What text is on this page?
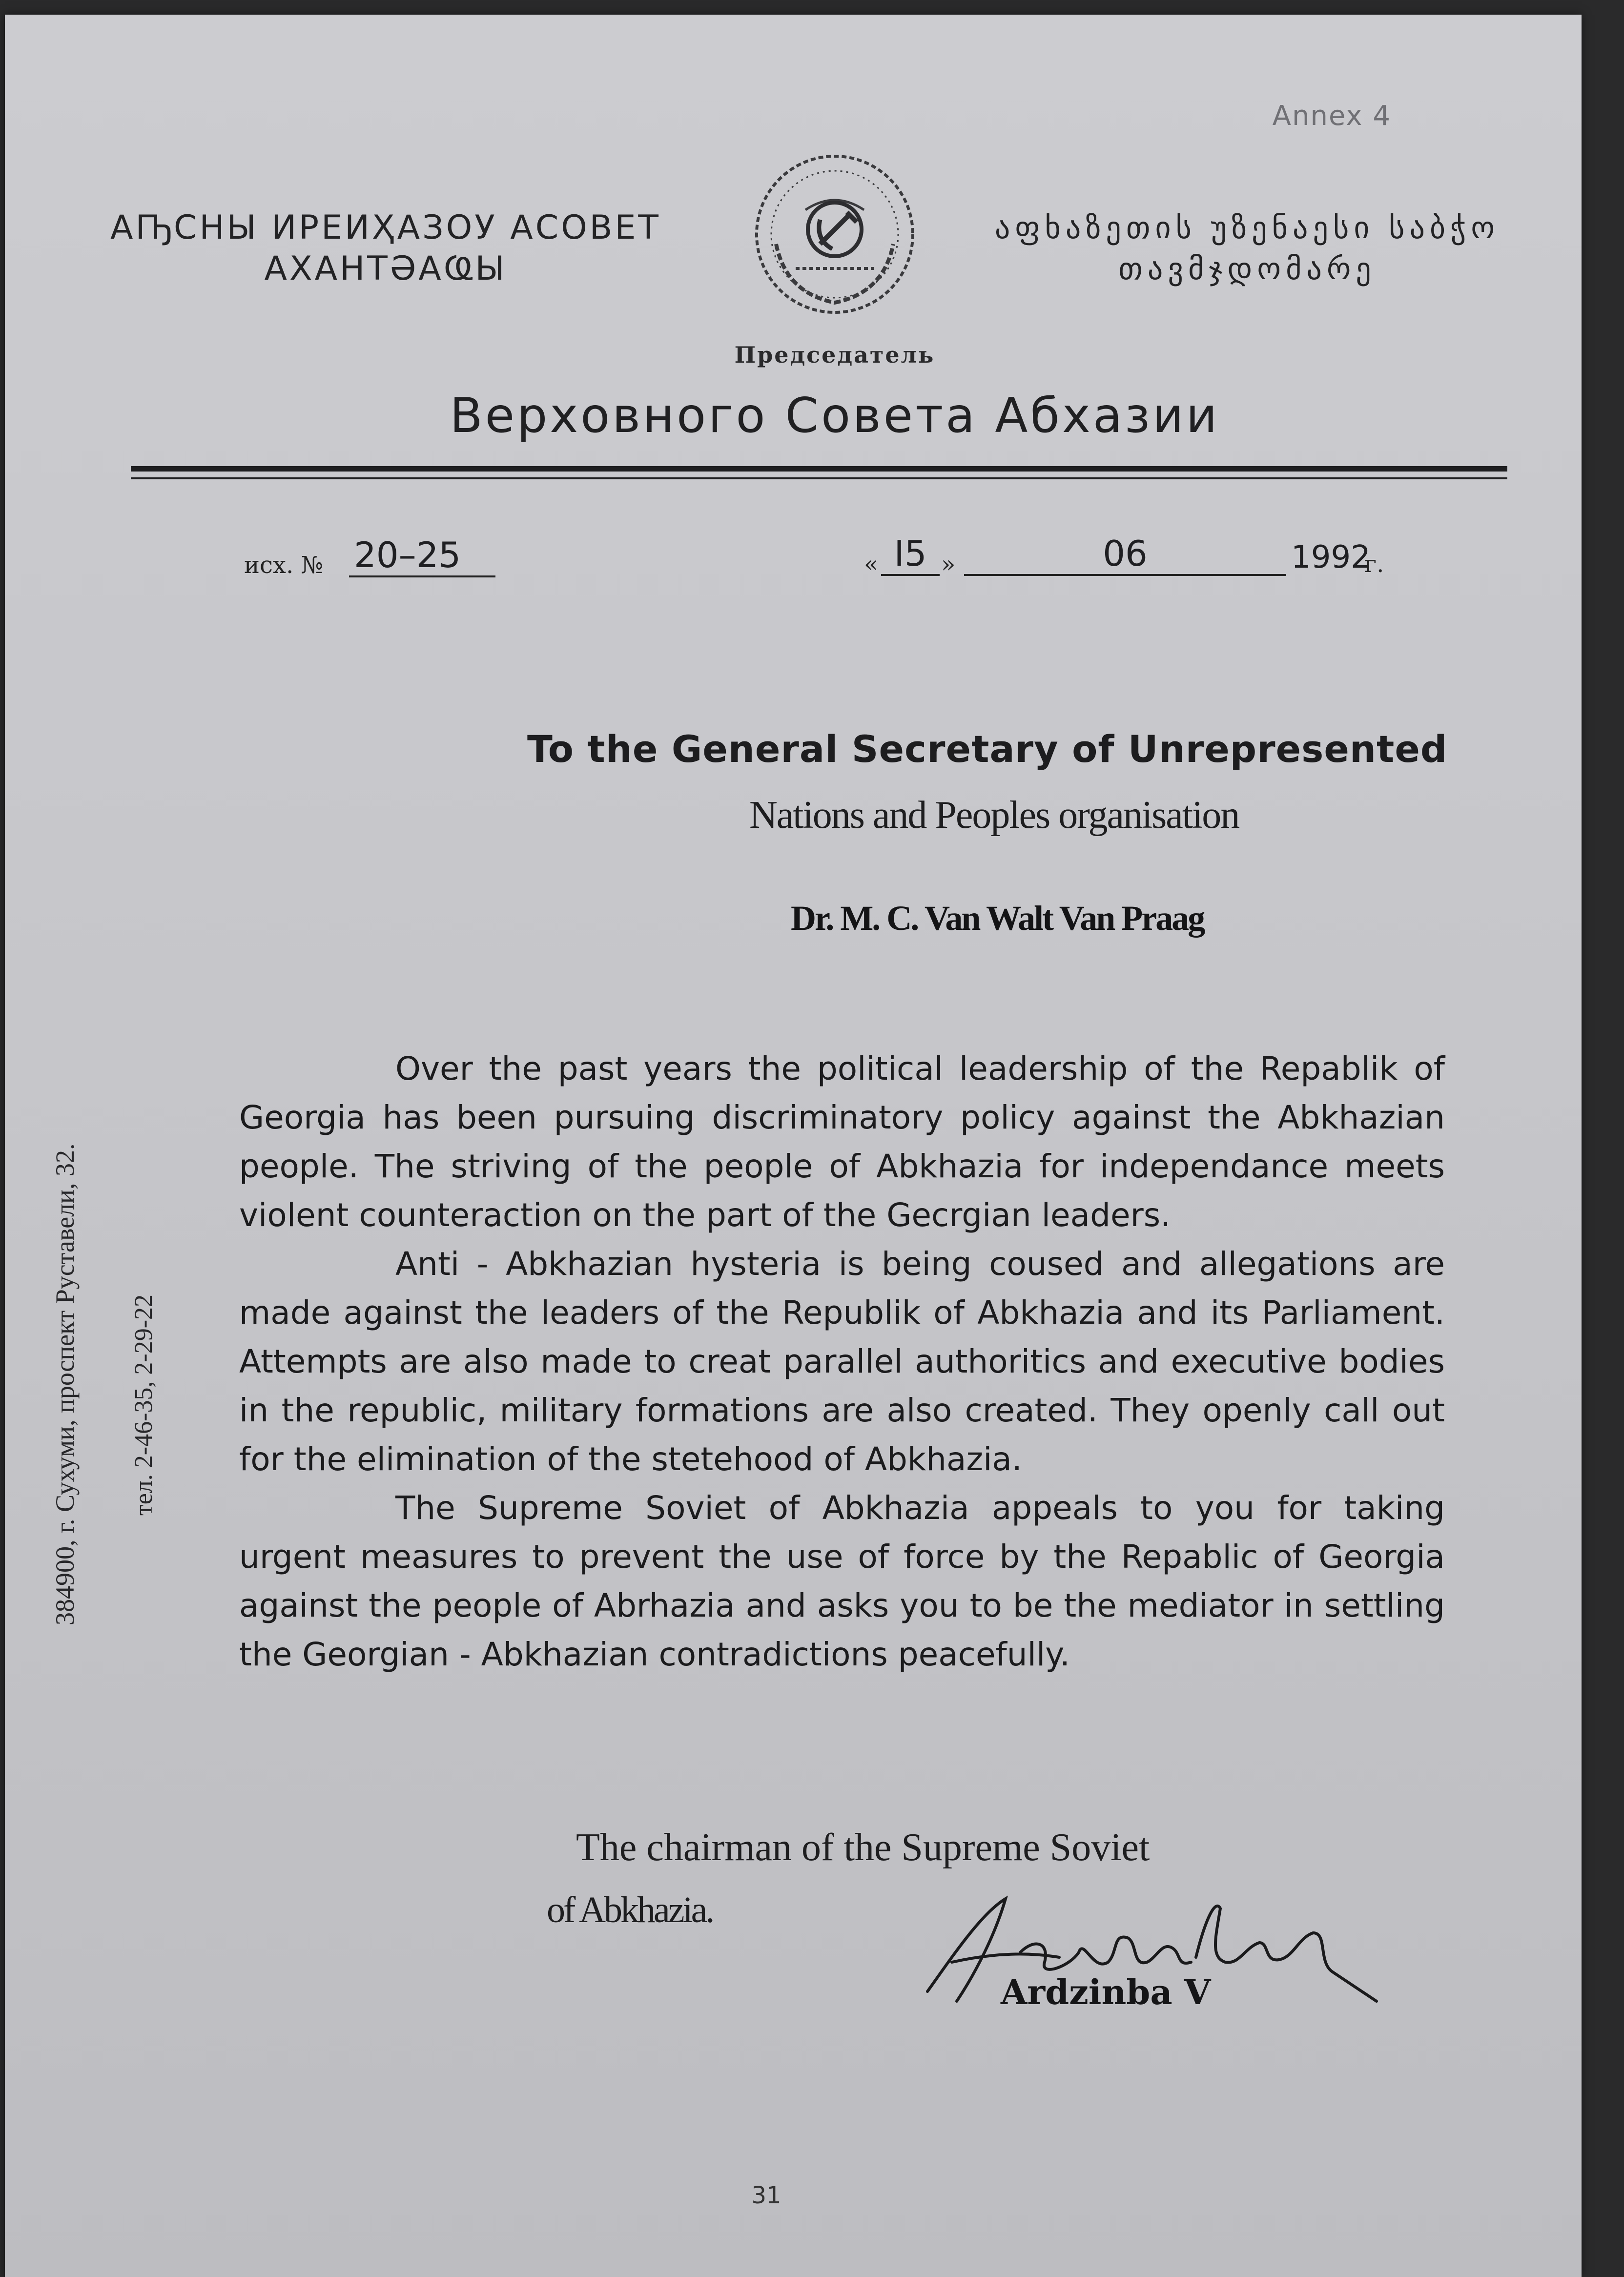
Annex 4
АҦСНЫ ИРЕИҲАЗОУ АСОВЕТ
АХАНТӘАҨЫ
აფხაზეთის უზენაესი საბჭო
თავმჯდომარე
Председатель
Верховного Совета Абхазии
исх. № 20–25	« I5 »	06	1992
г.
To the General Secretary of Unrepresented
Nations and Peoples organisation
Dr. M. C. Van Walt Van Praag

Over the past years the political leadership of the Repablik of Georgia has been pursuing discriminatory policy against the Abkhazian people. The striving of the people of Abkhazia for independance meets violent counteraction on the part of the Gecrgian leaders.

Anti - Abkhazian hysteria is being coused and allegations are made against the leaders of the Republik of Abkhazia and its Parliament. Attempts are also made to creat parallel authoritics and executive bodies in the republic, military formations are also created. They openly call out for the elimination of the stetehood of Abkhazia.

The Supreme Soviet of Abkhazia appeals to you for taking urgent measures to prevent the use of force by the Repablic of Georgia against the people of Abrhazia and asks you to be the mediator in settling the Georgian - Abkhazian contradictions peacefully.

384900, г. Сухуми, проспект Руставели, 32. тел. 2-46-35, 2-29-22
The chairman of the Supreme Soviet
of Abkhazia.
Ardzinba V
31
